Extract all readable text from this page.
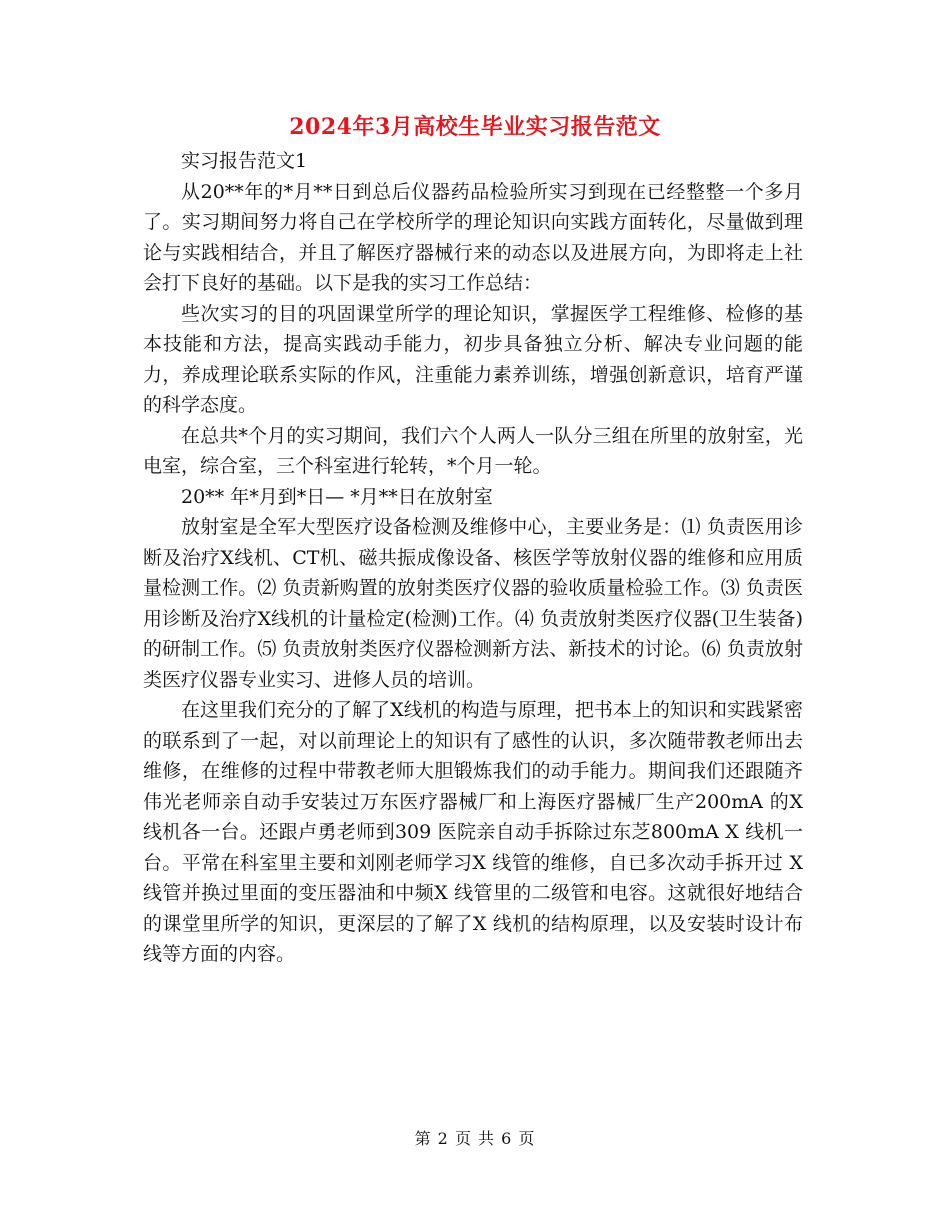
2024年3月高校生毕业实习报告范文

实习报告范文1

从20**年的*月**日到总后仪器药品检验所实习到现在已经整整一个多月了。实习期间努力将自己在学校所学的理论知识向实践方面转化，尽量做到理论与实践相结合，并且了解医疗器械行来的动态以及进展方向，为即将走上社会打下良好的基础。以下是我的实习工作总结：

些次实习的目的巩固课堂所学的理论知识，掌握医学工程维修、检修的基本技能和方法，提高实践动手能力，初步具备独立分析、解决专业问题的能力，养成理论联系实际的作风，注重能力素养训练，增强创新意识，培育严谨的科学态度。

在总共*个月的实习期间，我们六个人两人一队分三组在所里的放射室，光电室，综合室，三个科室进行轮转，*个月一轮。

20** 年*月到*日— *月**日在放射室

放射室是全军大型医疗设备检测及维修中心，主要业务是：⑴ 负责医用诊断及治疗X线机、CT机、磁共振成像设备、核医学等放射仪器的维修和应用质量检测工作。⑵ 负责新购置的放射类医疗仪器的验收质量检验工作。⑶ 负责医用诊断及治疗X线机的计量检定(检测)工作。⑷ 负责放射类医疗仪器(卫生装备)的研制工作。⑸ 负责放射类医疗仪器检测新方法、新技术的讨论。⑹ 负责放射类医疗仪器专业实习、进修人员的培训。

在这里我们充分的了解了X线机的构造与原理，把书本上的知识和实践紧密的联系到了一起，对以前理论上的知识有了感性的认识，多次随带教老师出去维修，在维修的过程中带教老师大胆锻炼我们的动手能力。期间我们还跟随齐伟光老师亲自动手安装过万东医疗器械厂和上海医疗器械厂生产200mA 的X 线机各一台。还跟卢勇老师到309 医院亲自动手拆除过东芝800mA X 线机一台。平常在科室里主要和刘刚老师学习X 线管的维修，自已多次动手拆开过 X 线管并换过里面的变压器油和中频X 线管里的二级管和电容。这就很好地结合的课堂里所学的知识，更深层的了解了X 线机的结构原理，以及安装时设计布线等方面的内容。

第 2 页 共 6 页
